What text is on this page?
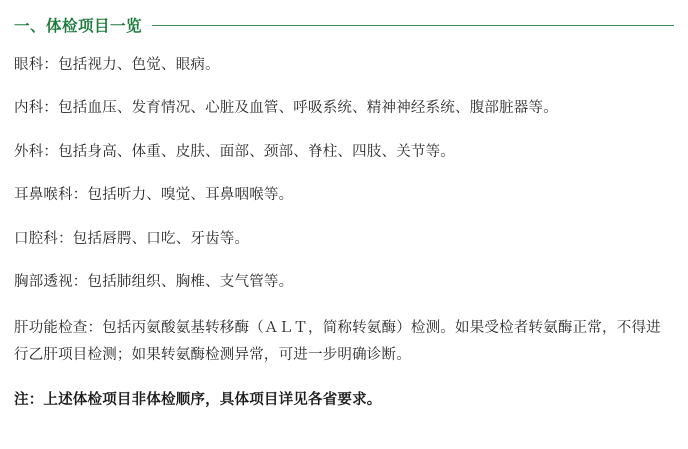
一、体检项目一览

眼科：包括视力、色觉、眼病。

内科：包括血压、发育情况、心脏及血管、呼吸系统、精神神经系统、腹部脏器等。

外科：包括身高、体重、皮肤、面部、颈部、脊柱、四肢、关节等。

耳鼻喉科：包括听力、嗅觉、耳鼻咽喉等。

口腔科：包括唇腭、口吃、牙齿等。

胸部透视：包括肺组织、胸椎、支气管等。

肝功能检查：包括丙氨酸氨基转移酶（ＡＬＴ，简称转氨酶）检测。如果受检者转氨酶正常，不得进行乙肝项目检测；如果转氨酶检测异常，可进一步明确诊断。

注：上述体检项目非体检顺序，具体项目详见各省要求。
